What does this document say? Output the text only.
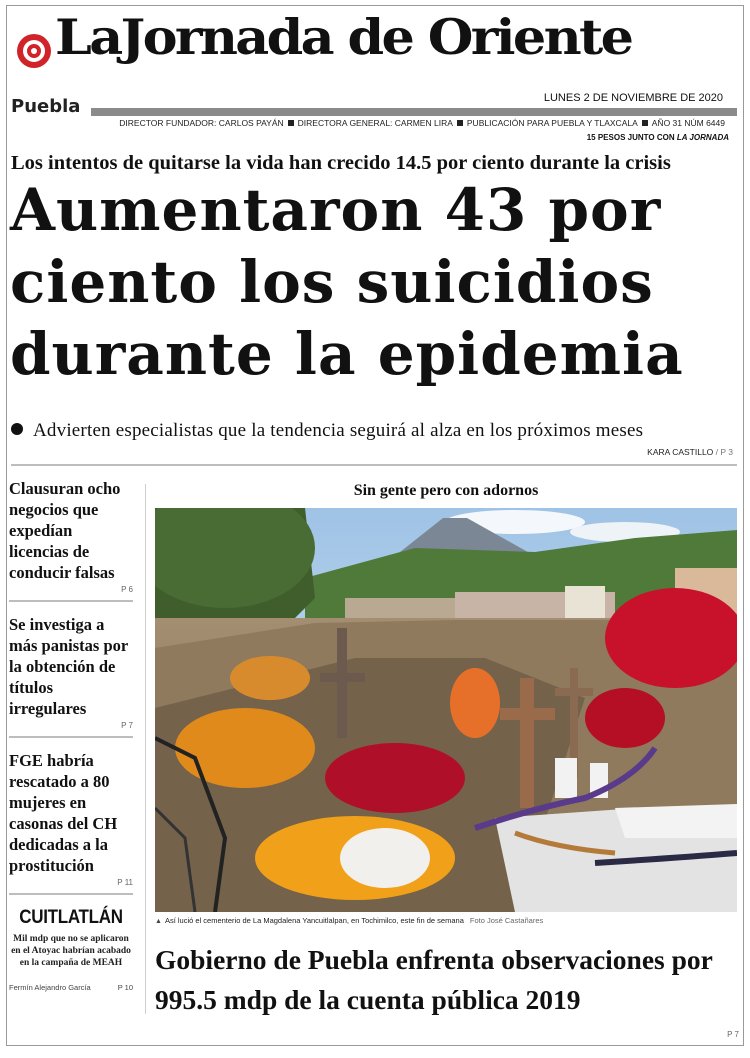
LaJornada de Oriente
Puebla	LUNES 2 DE NOVIEMBRE DE 2020
DIRECTOR FUNDADOR: CARLOS PAYÁN DIRECTORA GENERAL: CARMEN LIRA PUBLICACIÓN PARA PUEBLA Y TLAXCALA AÑO 31 NÚM 6449
15 PESOS JUNTO CON LA JORNADA
Los intentos de quitarse la vida han crecido 14.5 por ciento durante la crisis
Aumentaron 43 por
ciento los suicidios
durante la epidemia
Advierten especialistas que la tendencia seguirá al alza en los próximos meses
KARA CASTILLO / P 3
Clausuran ocho negocios que expedían licencias de conducir falsas
P 6
Se investiga a más panistas por la obtención de títulos irregulares
P 7
FGE habría rescatado a 80 mujeres en casonas del CH dedicadas a la prostitución
P 11
CUITLATLÁN
Mil mdp que no se aplicaron en el Atoyac habrían acabado en la campaña de MEAH
Fermín Alejandro García	P 10
Sin gente pero con adornos
▲ Así lució el cementerio de La Magdalena Yancuitlalpan, en Tochimilco, este fin de semana Foto José Castañares
Gobierno de Puebla enfrenta observaciones por 995.5 mdp de la cuenta pública 2019
P 7
